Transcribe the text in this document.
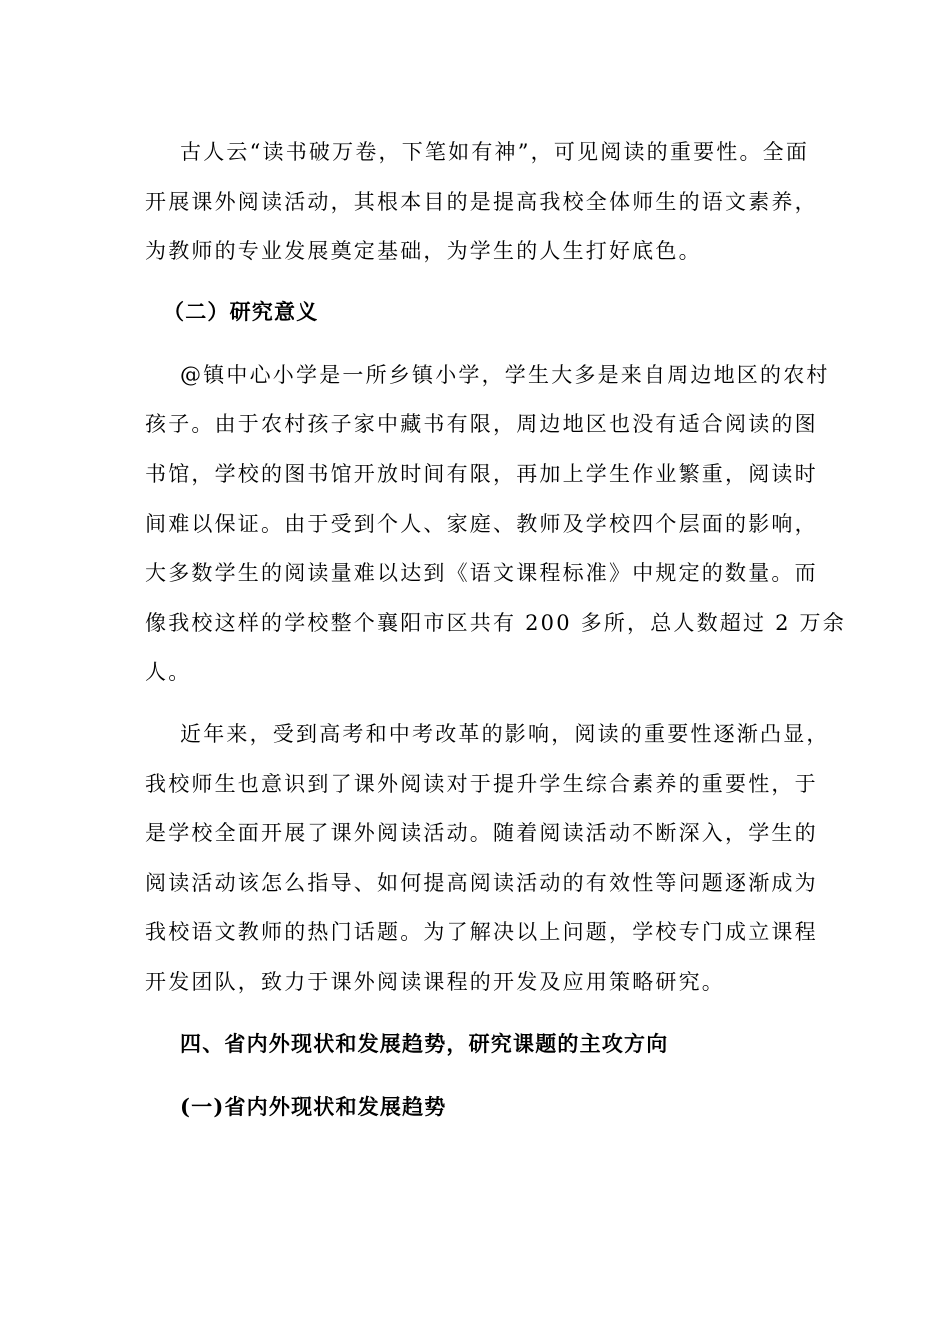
古人云“读书破万卷，下笔如有神”，可见阅读的重要性。全面
开展课外阅读活动，其根本目的是提高我校全体师生的语文素养，
为教师的专业发展奠定基础，为学生的人生打好底色。
（二）研究意义
@镇中心小学是一所乡镇小学，学生大多是来自周边地区的农村
孩子。由于农村孩子家中藏书有限，周边地区也没有适合阅读的图
书馆，学校的图书馆开放时间有限，再加上学生作业繁重，阅读时
间难以保证。由于受到个人、家庭、教师及学校四个层面的影响，
大多数学生的阅读量难以达到《语文课程标准》中规定的数量。而
像我校这样的学校整个襄阳市区共有 200 多所，总人数超过 2 万余
人。
近年来，受到高考和中考改革的影响，阅读的重要性逐渐凸显，
我校师生也意识到了课外阅读对于提升学生综合素养的重要性，于
是学校全面开展了课外阅读活动。随着阅读活动不断深入，学生的
阅读活动该怎么指导、如何提高阅读活动的有效性等问题逐渐成为
我校语文教师的热门话题。为了解决以上问题，学校专门成立课程
开发团队，致力于课外阅读课程的开发及应用策略研究。
四、省内外现状和发展趋势，研究课题的主攻方向
(一)省内外现状和发展趋势
